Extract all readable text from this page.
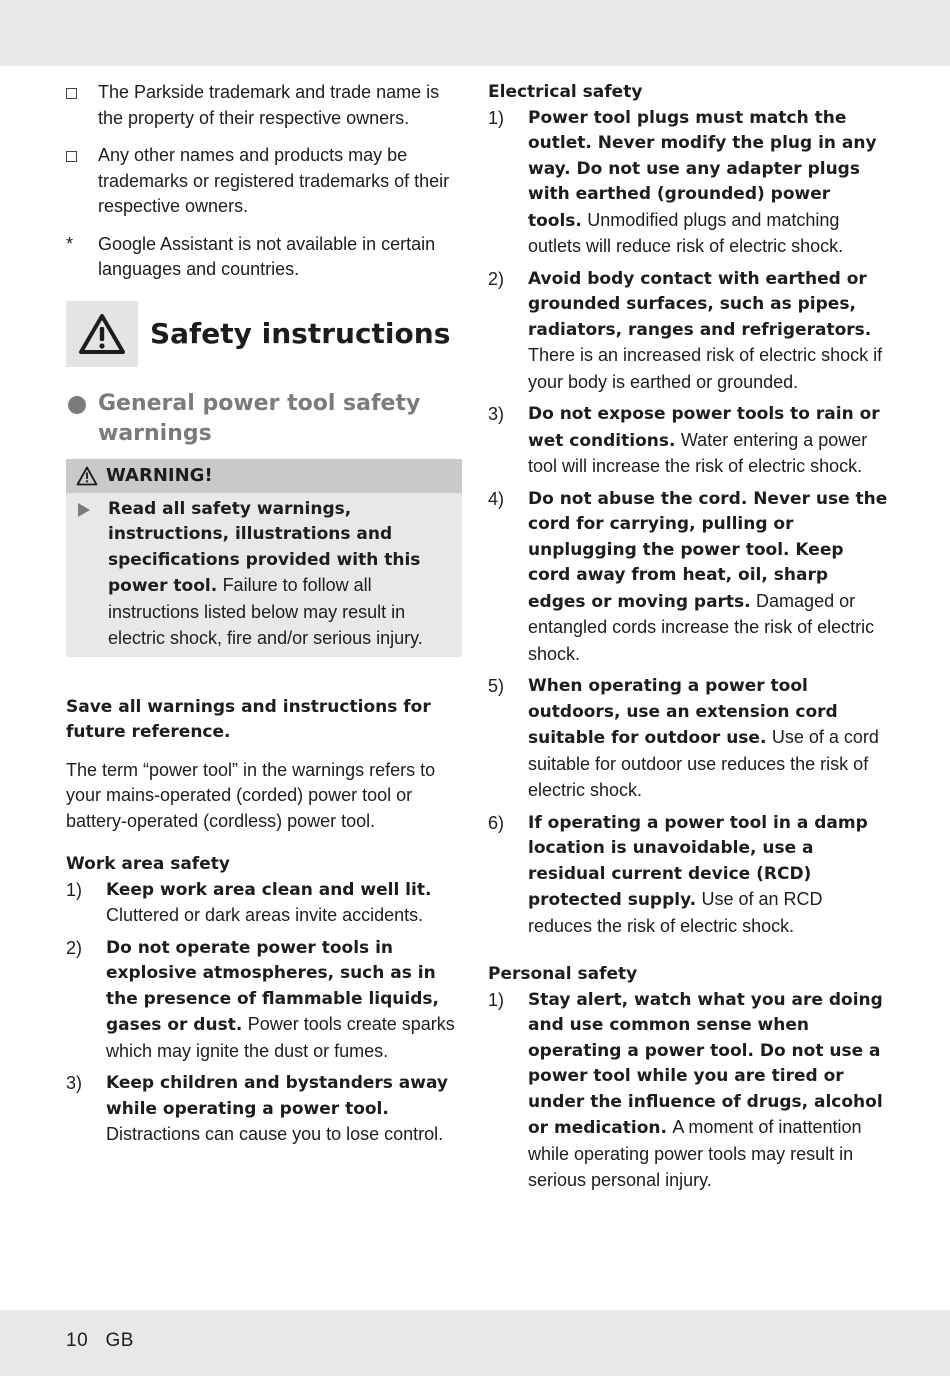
The Parkside trademark and trade name is the property of their respective owners.
Any other names and products may be trademarks or registered trademarks of their respective owners.
*	Google Assistant is not available in certain languages and countries.
Safety instructions
General power tool safety warnings
WARNING!
Read all safety warnings, instructions, illustrations and specifications provided with this power tool. Failure to follow all instructions listed below may result in electric shock, fire and/or serious injury.
Save all warnings and instructions for future reference.
The term “power tool” in the warnings refers to your mains-operated (corded) power tool or battery-operated (cordless) power tool.
Work area safety
1) Keep work area clean and well lit. Cluttered or dark areas invite accidents.
2) Do not operate power tools in explosive atmospheres, such as in the presence of flammable liquids, gases or dust. Power tools create sparks which may ignite the dust or fumes.
3) Keep children and bystanders away while operating a power tool. Distractions can cause you to lose control.
Electrical safety
1) Power tool plugs must match the outlet. Never modify the plug in any way. Do not use any adapter plugs with earthed (grounded) power tools. Unmodified plugs and matching outlets will reduce risk of electric shock.
2) Avoid body contact with earthed or grounded surfaces, such as pipes, radiators, ranges and refrigerators. There is an increased risk of electric shock if your body is earthed or grounded.
3) Do not expose power tools to rain or wet conditions. Water entering a power tool will increase the risk of electric shock.
4) Do not abuse the cord. Never use the cord for carrying, pulling or unplugging the power tool. Keep cord away from heat, oil, sharp edges or moving parts. Damaged or entangled cords increase the risk of electric shock.
5) When operating a power tool outdoors, use an extension cord suitable for outdoor use. Use of a cord suitable for outdoor use reduces the risk of electric shock.
6) If operating a power tool in a damp location is unavoidable, use a residual current device (RCD) protected supply. Use of an RCD reduces the risk of electric shock.
Personal safety
1) Stay alert, watch what you are doing and use common sense when operating a power tool. Do not use a power tool while you are tired or under the influence of drugs, alcohol or medication. A moment of inattention while operating power tools may result in serious personal injury.
10 GB
